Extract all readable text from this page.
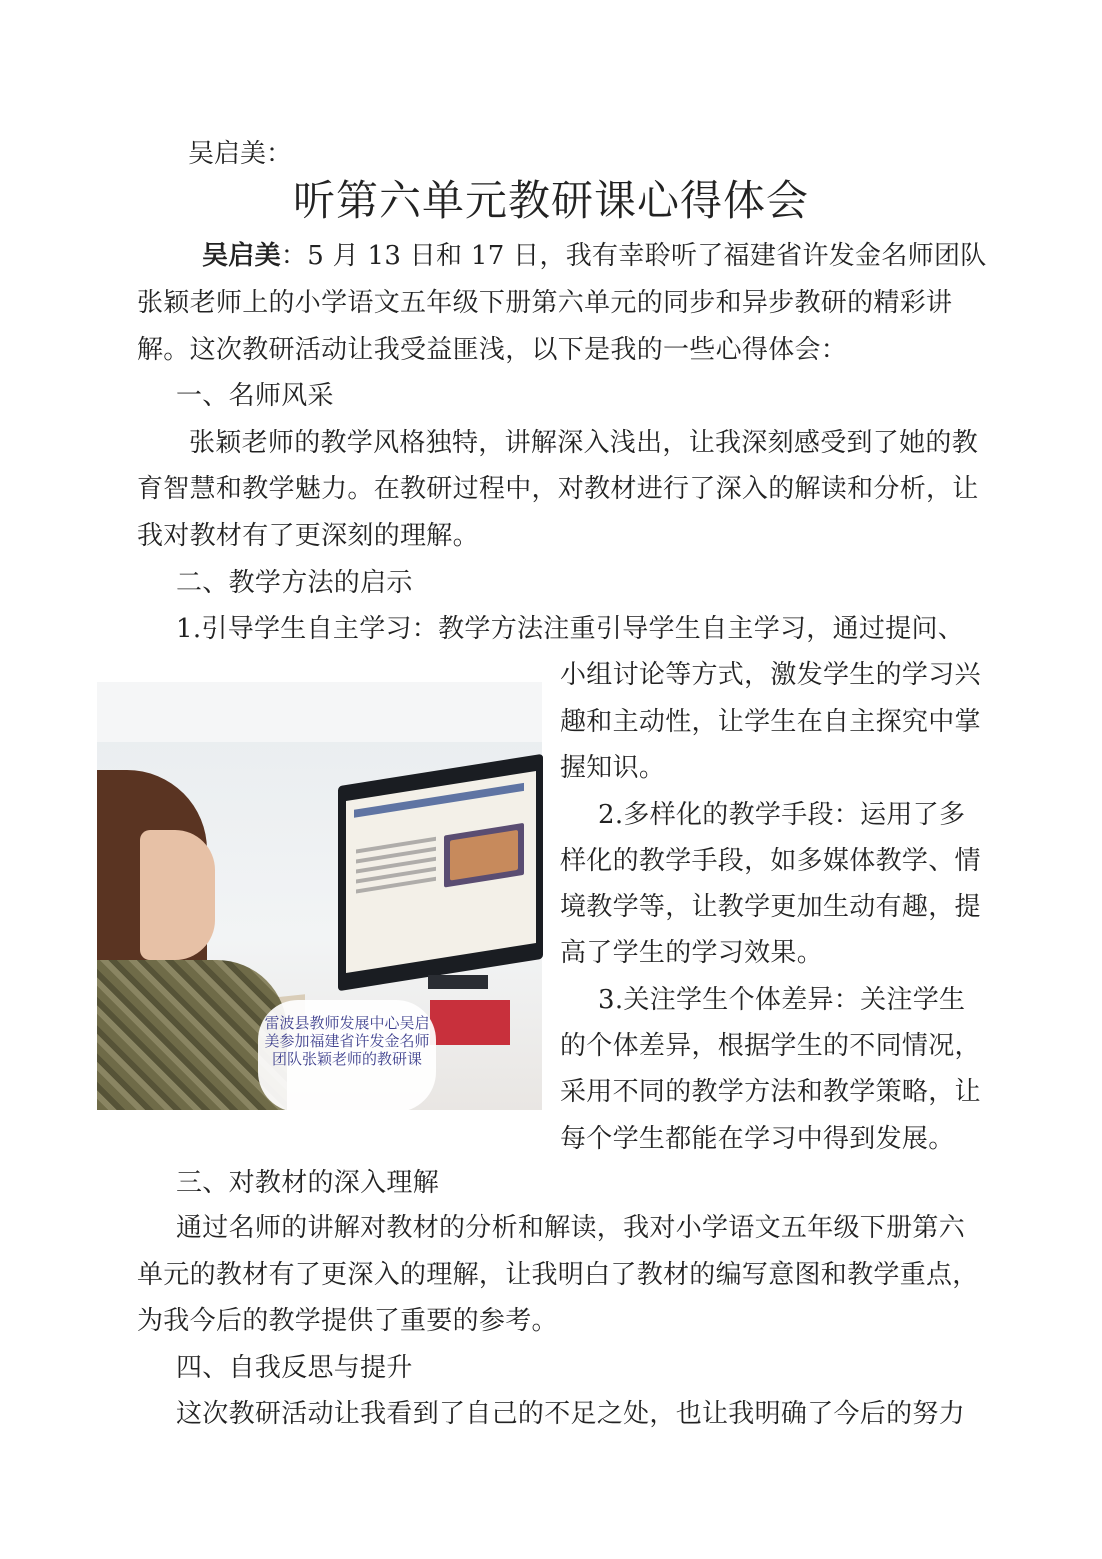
吴启美：
听第六单元教研课心得体会
吴启美：5 月 13 日和 17 日，我有幸聆听了福建省许发金名师团队
张颖老师上的小学语文五年级下册第六单元的同步和异步教研的精彩讲
解。这次教研活动让我受益匪浅，以下是我的一些心得体会：
一、名师风采
张颖老师的教学风格独特，讲解深入浅出，让我深刻感受到了她的教
育智慧和教学魅力。在教研过程中，对教材进行了深入的解读和分析，让
我对教材有了更深刻的理解。
二、教学方法的启示
1.引导学生自主学习：教学方法注重引导学生自主学习，通过提问、
小组讨论等方式，激发学生的学习兴
趣和主动性，让学生在自主探究中掌
握知识。
2.多样化的教学手段：运用了多
样化的教学手段，如多媒体教学、情
境教学等，让教学更加生动有趣，提
高了学生的学习效果。
3.关注学生个体差异：关注学生
的个体差异，根据学生的不同情况，
采用不同的教学方法和教学策略，让
每个学生都能在学习中得到发展。
雷波县教师发展中心吴启美参加福建省许发金名师团队张颖老师的教研课
三、对教材的深入理解
通过名师的讲解对教材的分析和解读，我对小学语文五年级下册第六
单元的教材有了更深入的理解，让我明白了教材的编写意图和教学重点，
为我今后的教学提供了重要的参考。
四、自我反思与提升
这次教研活动让我看到了自己的不足之处，也让我明确了今后的努力
